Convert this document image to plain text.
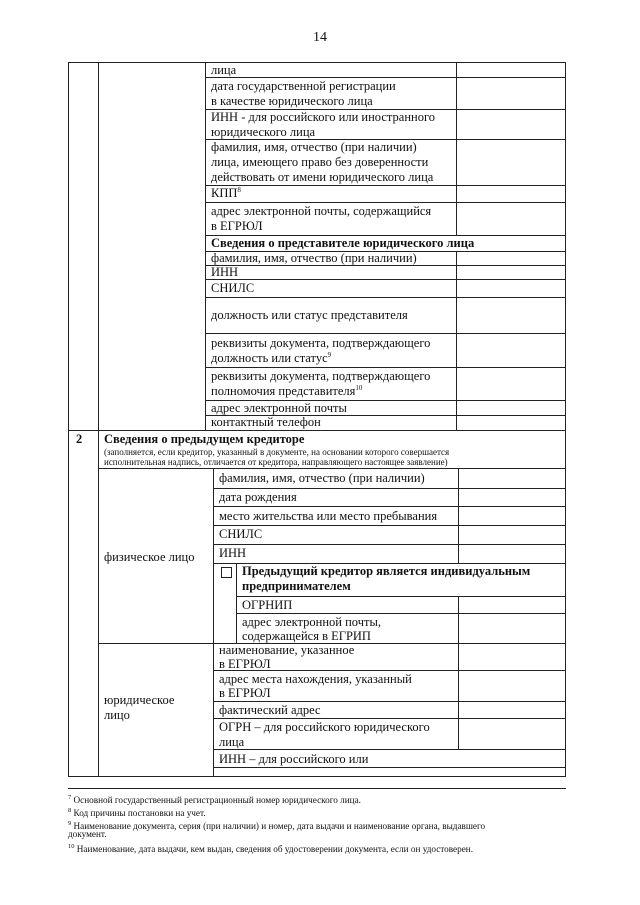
14
лица
дата государственной регистрации
в качестве юридического лица
ИНН - для российского или иностранного
юридического лица
фамилия, имя, отчество (при наличии)
лица, имеющего право без доверенности
действовать от имени юридического лица
КПП$^8$
адрес электронной почты, содержащийся
в ЕГРЮЛ
Сведения о представителе юридического лица
фамилия, имя, отчество (при наличии)
ИНН
СНИЛС
должность или статус представителя
реквизиты документа, подтверждающего
должность или статус$^9$
реквизиты документа, подтверждающего
полномочия представителя$^{10}$
адрес электронной почты
контактный телефон
2 Сведения о предыдущем кредиторе
(заполняется, если кредитор, указанный в документе, на основании которого совершается
исполнительная надпись, отличается от кредитора, направляющего настоящее заявление)
физическое лицо
фамилия, имя, отчество (при наличии)
дата рождения
место жительства или место пребывания
СНИЛС
ИНН
Предыдущий кредитор является индивидуальным
предпринимателем
ОГРНИП
адрес электронной почты,
содержащейся в ЕГРИП
юридическое
лицо
наименование, указанное
в ЕГРЮЛ
адрес места нахождения, указанный
в ЕГРЮЛ
фактический адрес
ОГРН – для российского юридического
лица
ИНН – для российского или
$^7$ Основной государственный регистрационный номер юридического лица.
$^8$ Код причины постановки на учет.
$^9$ Наименование документа, серия (при наличии) и номер, дата выдачи и наименование органа, выдавшего
документ.
$^{10}$ Наименование, дата выдачи, кем выдан, сведения об удостоверении документа, если он удостоверен.
